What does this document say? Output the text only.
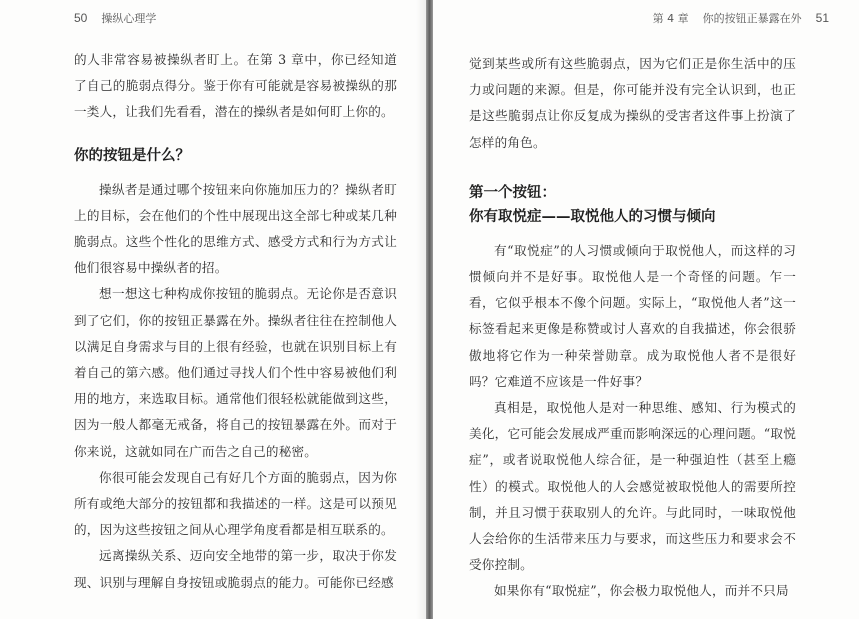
50 操纵心理学

的人非常容易被操纵者盯上。在第 3 章中，你已经知道了自己的脆弱点得分。鉴于你有可能就是容易被操纵的那一类人，让我们先看看，潜在的操纵者是如何盯上你的。

你的按钮是什么？

操纵者是通过哪个按钮来向你施加压力的？操纵者盯上的目标，会在他们的个性中展现出这全部七种或某几种脆弱点。这些个性化的思维方式、感受方式和行为方式让他们很容易中操纵者的招。

想一想这七种构成你按钮的脆弱点。无论你是否意识到了它们，你的按钮正暴露在外。操纵者往往在控制他人以满足自身需求与目的上很有经验，也就在识别目标上有着自己的第六感。他们通过寻找人们个性中容易被他们利用的地方，来选取目标。通常他们很轻松就能做到这些，因为一般人都毫无戒备，将自己的按钮暴露在外。而对于你来说，这就如同在广而告之自己的秘密。

你很可能会发现自己有好几个方面的脆弱点，因为你所有或绝大部分的按钮都和我描述的一样。这是可以预见的，因为这些按钮之间从心理学角度看都是相互联系的。

远离操纵关系、迈向安全地带的第一步，取决于你发现、识别与理解自身按钮或脆弱点的能力。可能你已经感

第 4 章 你的按钮正暴露在外 51

觉到某些或所有这些脆弱点，因为它们正是你生活中的压力或问题的来源。但是，你可能并没有完全认识到，也正是这些脆弱点让你反复成为操纵的受害者这件事上扮演了怎样的角色。

第一个按钮：
你有取悦症——取悦他人的习惯与倾向

有“取悦症”的人习惯或倾向于取悦他人，而这样的习惯倾向并不是好事。取悦他人是一个奇怪的问题。乍一看，它似乎根本不像个问题。实际上，“取悦他人者”这一标签看起来更像是称赞或讨人喜欢的自我描述，你会很骄傲地将它作为一种荣誉勋章。成为取悦他人者不是很好吗？它难道不应该是一件好事？

真相是，取悦他人是对一种思维、感知、行为模式的美化，它可能会发展成严重而影响深远的心理问题。“取悦症”，或者说取悦他人综合征，是一种强迫性（甚至上瘾性）的模式。取悦他人的人会感觉被取悦他人的需要所控制，并且习惯于获取别人的允许。与此同时，一味取悦他人会给你的生活带来压力与要求，而这些压力和要求会不受你控制。

如果你有“取悦症”，你会极力取悦他人，而并不只局
